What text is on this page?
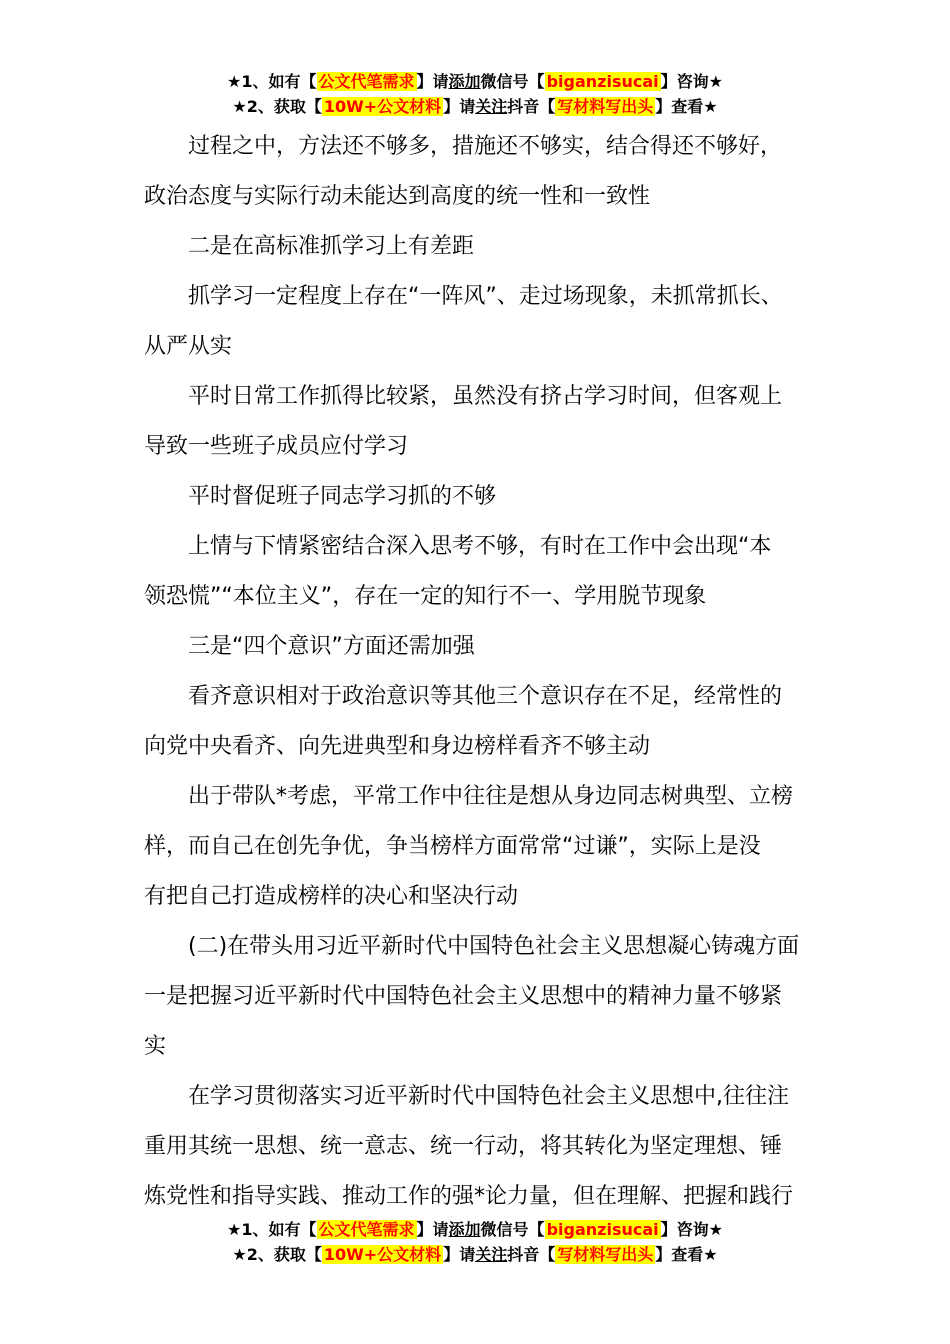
★1、如有【 公文代笔需求 】请添加微信号【 biganzisucai 】咨询★
★2、获取【 10W+公文材料 】请关注抖音【 写材料写出头 】查看★

过程之中，方法还不够多，措施还不够实，结合得还不够好，

政治态度与实际行动未能达到高度的统一性和一致性

二是在高标准抓学习上有差距

抓学习一定程度上存在“一阵风”、走过场现象，未抓常抓长、

从严从实

平时日常工作抓得比较紧，虽然没有挤占学习时间，但客观上

导致一些班子成员应付学习

平时督促班子同志学习抓的不够

上情与下情紧密结合深入思考不够，有时在工作中会出现“本

领恐慌”“本位主义”，存在一定的知行不一、学用脱节现象

三是“四个意识”方面还需加强

看齐意识相对于政治意识等其他三个意识存在不足，经常性的

向党中央看齐、向先进典型和身边榜样看齐不够主动

出于带队*考虑，平常工作中往往是想从身边同志树典型、立榜

样，而自己在创先争优，争当榜样方面常常“过谦”，实际上是没

有把自己打造成榜样的决心和坚决行动

(二)在带头用习近平新时代中国特色社会主义思想凝心铸魂方面

一是把握习近平新时代中国特色社会主义思想中的精神力量不够紧

实

在学习贯彻落实习近平新时代中国特色社会主义思想中,往往注

重用其统一思想、统一意志、统一行动，将其转化为坚定理想、锤

炼党性和指导实践、推动工作的强*论力量，但在理解、把握和践行

★1、如有【 公文代笔需求 】请添加微信号【 biganzisucai 】咨询★
★2、获取【 10W+公文材料 】请关注抖音【 写材料写出头 】查看★
